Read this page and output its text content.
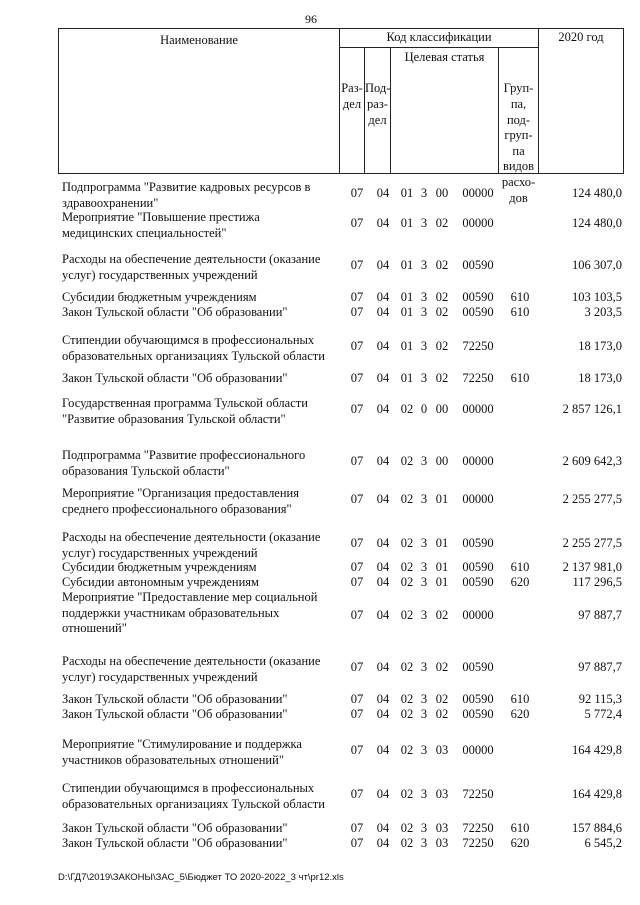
96
Наименование	Код классификации	2020 год

Раз-
дел

Под-
раз-
дел

Целевая статья

Груп-
па,
под-
груп-
па
видов
расхо-
дов

Подпрограмма "Развитие кадровых ресурсов в здравоохранении"
07	04 01 3 00	00000	124 480,0
Мероприятие "Повышение престижа медицинских специальностей"
07	04 01 3 02	00000	124 480,0
Расходы на обеспечение деятельности (оказание услуг) государственных учреждений
07	04 01 3 02	00590	106 307,0
Субсидии бюджетным учреждениям	07	04 01 3 02	00590	610	103 103,5
Закон Тульской области "Об образовании"	07	04 01 3 02	00590	610	3 203,5
Стипендии обучающимся в профессиональных образовательных организациях Тульской области
07	04 01 3 02	72250	18 173,0
Закон Тульской области "Об образовании"	07	04 01 3 02	72250	610	18 173,0
Государственная программа Тульской области "Развитие образования Тульской области"
07	04 02 0 00	00000	2 857 126,1
Подпрограмма "Развитие профессионального образования Тульской области"
07	04 02 3 00	00000	2 609 642,3
Мероприятие "Организация предоставления среднего профессионального образования"
07	04 02 3 01	00000	2 255 277,5
Расходы на обеспечение деятельности (оказание услуг) государственных учреждений
07	04 02 3 01	00590	2 255 277,5
Субсидии бюджетным учреждениям	07	04 02 3 01	00590	610	2 137 981,0
Субсидии автономным учреждениям	07	04 02 3 01	00590	620	117 296,5
Мероприятие "Предоставление мер социальной поддержки участникам образовательных отношений"
07	04 02 3 02	00000	97 887,7
Расходы на обеспечение деятельности (оказание услуг) государственных учреждений
07	04 02 3 02	00590	97 887,7
Закон Тульской области "Об образовании"	07	04 02 3 02	00590	610	92 115,3
Закон Тульской области "Об образовании"	07	04 02 3 02	00590	620	5 772,4
Мероприятие "Стимулирование и поддержка участников образовательных отношений"
07	04 02 3 03	00000	164 429,8
Стипендии обучающимся в профессиональных образовательных организациях Тульской области
07	04 02 3 03	72250	164 429,8
Закон Тульской области "Об образовании"	07	04 02 3 03	72250	610	157 884,6
Закон Тульской области "Об образовании"	07	04 02 3 03	72250	620	6 545,2
D:\ГД7\2019\ЗАКОНЫ\ЗАС_5\Бюджет ТО 2020-2022_3 чт\pr12.xls
